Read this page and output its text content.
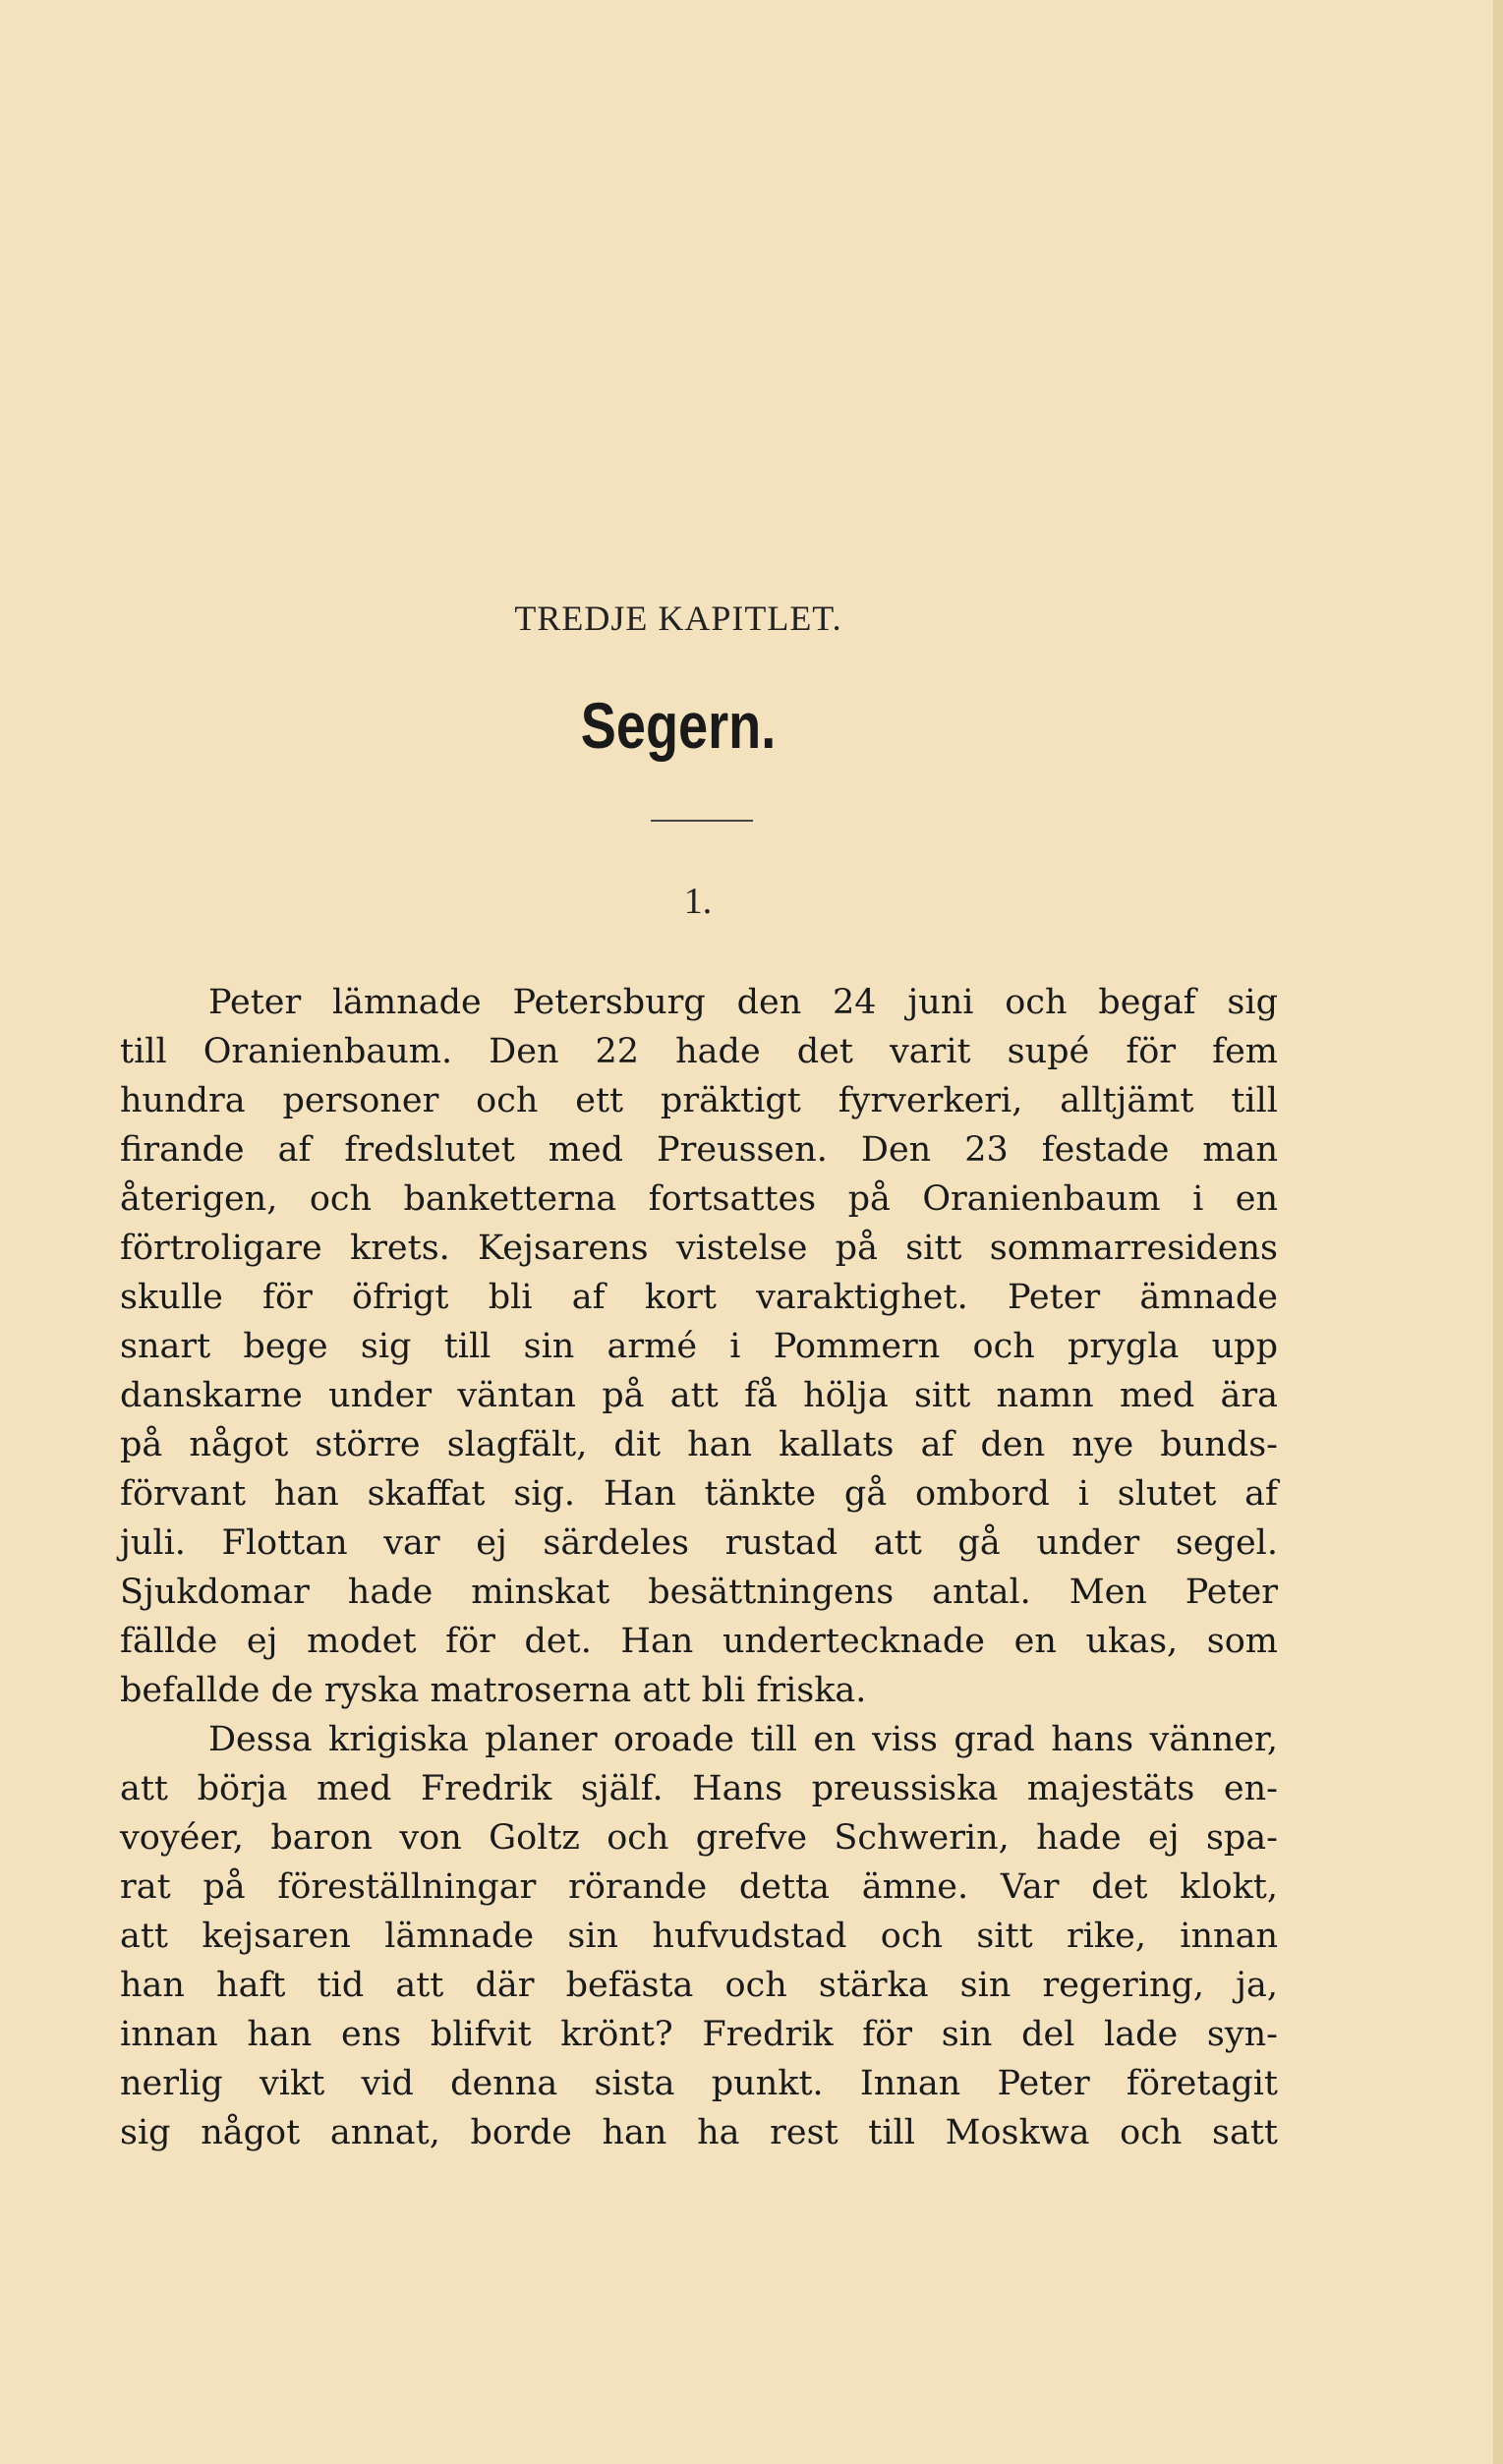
TREDJE KAPITLET.
Segern.
1.
Peter lämnade Petersburg den 24 juni och begaf sig
till Oranienbaum. Den 22 hade det varit supé för fem
hundra personer och ett präktigt fyrverkeri, alltjämt till
firande af fredslutet med Preussen. Den 23 festade man
återigen, och banketterna fortsattes på Oranienbaum i en
förtroligare krets. Kejsarens vistelse på sitt sommarresidens
skulle för öfrigt bli af kort varaktighet. Peter ämnade
snart bege sig till sin armé i Pommern och prygla upp
danskarne under väntan på att få hölja sitt namn med ära
på något större slagfält, dit han kallats af den nye bunds-
förvant han skaffat sig. Han tänkte gå ombord i slutet af
juli. Flottan var ej särdeles rustad att gå under segel.
Sjukdomar hade minskat besättningens antal. Men Peter
fällde ej modet för det. Han undertecknade en ukas, som
befallde de ryska matroserna att bli friska.
Dessa krigiska planer oroade till en viss grad hans vänner,
att börja med Fredrik själf. Hans preussiska majestäts en-
voyéer, baron von Goltz och grefve Schwerin, hade ej spa-
rat på föreställningar rörande detta ämne. Var det klokt,
att kejsaren lämnade sin hufvudstad och sitt rike, innan
han haft tid att där befästa och stärka sin regering, ja,
innan han ens blifvit krönt? Fredrik för sin del lade syn-
nerlig vikt vid denna sista punkt. Innan Peter företagit
sig något annat, borde han ha rest till Moskwa och satt
